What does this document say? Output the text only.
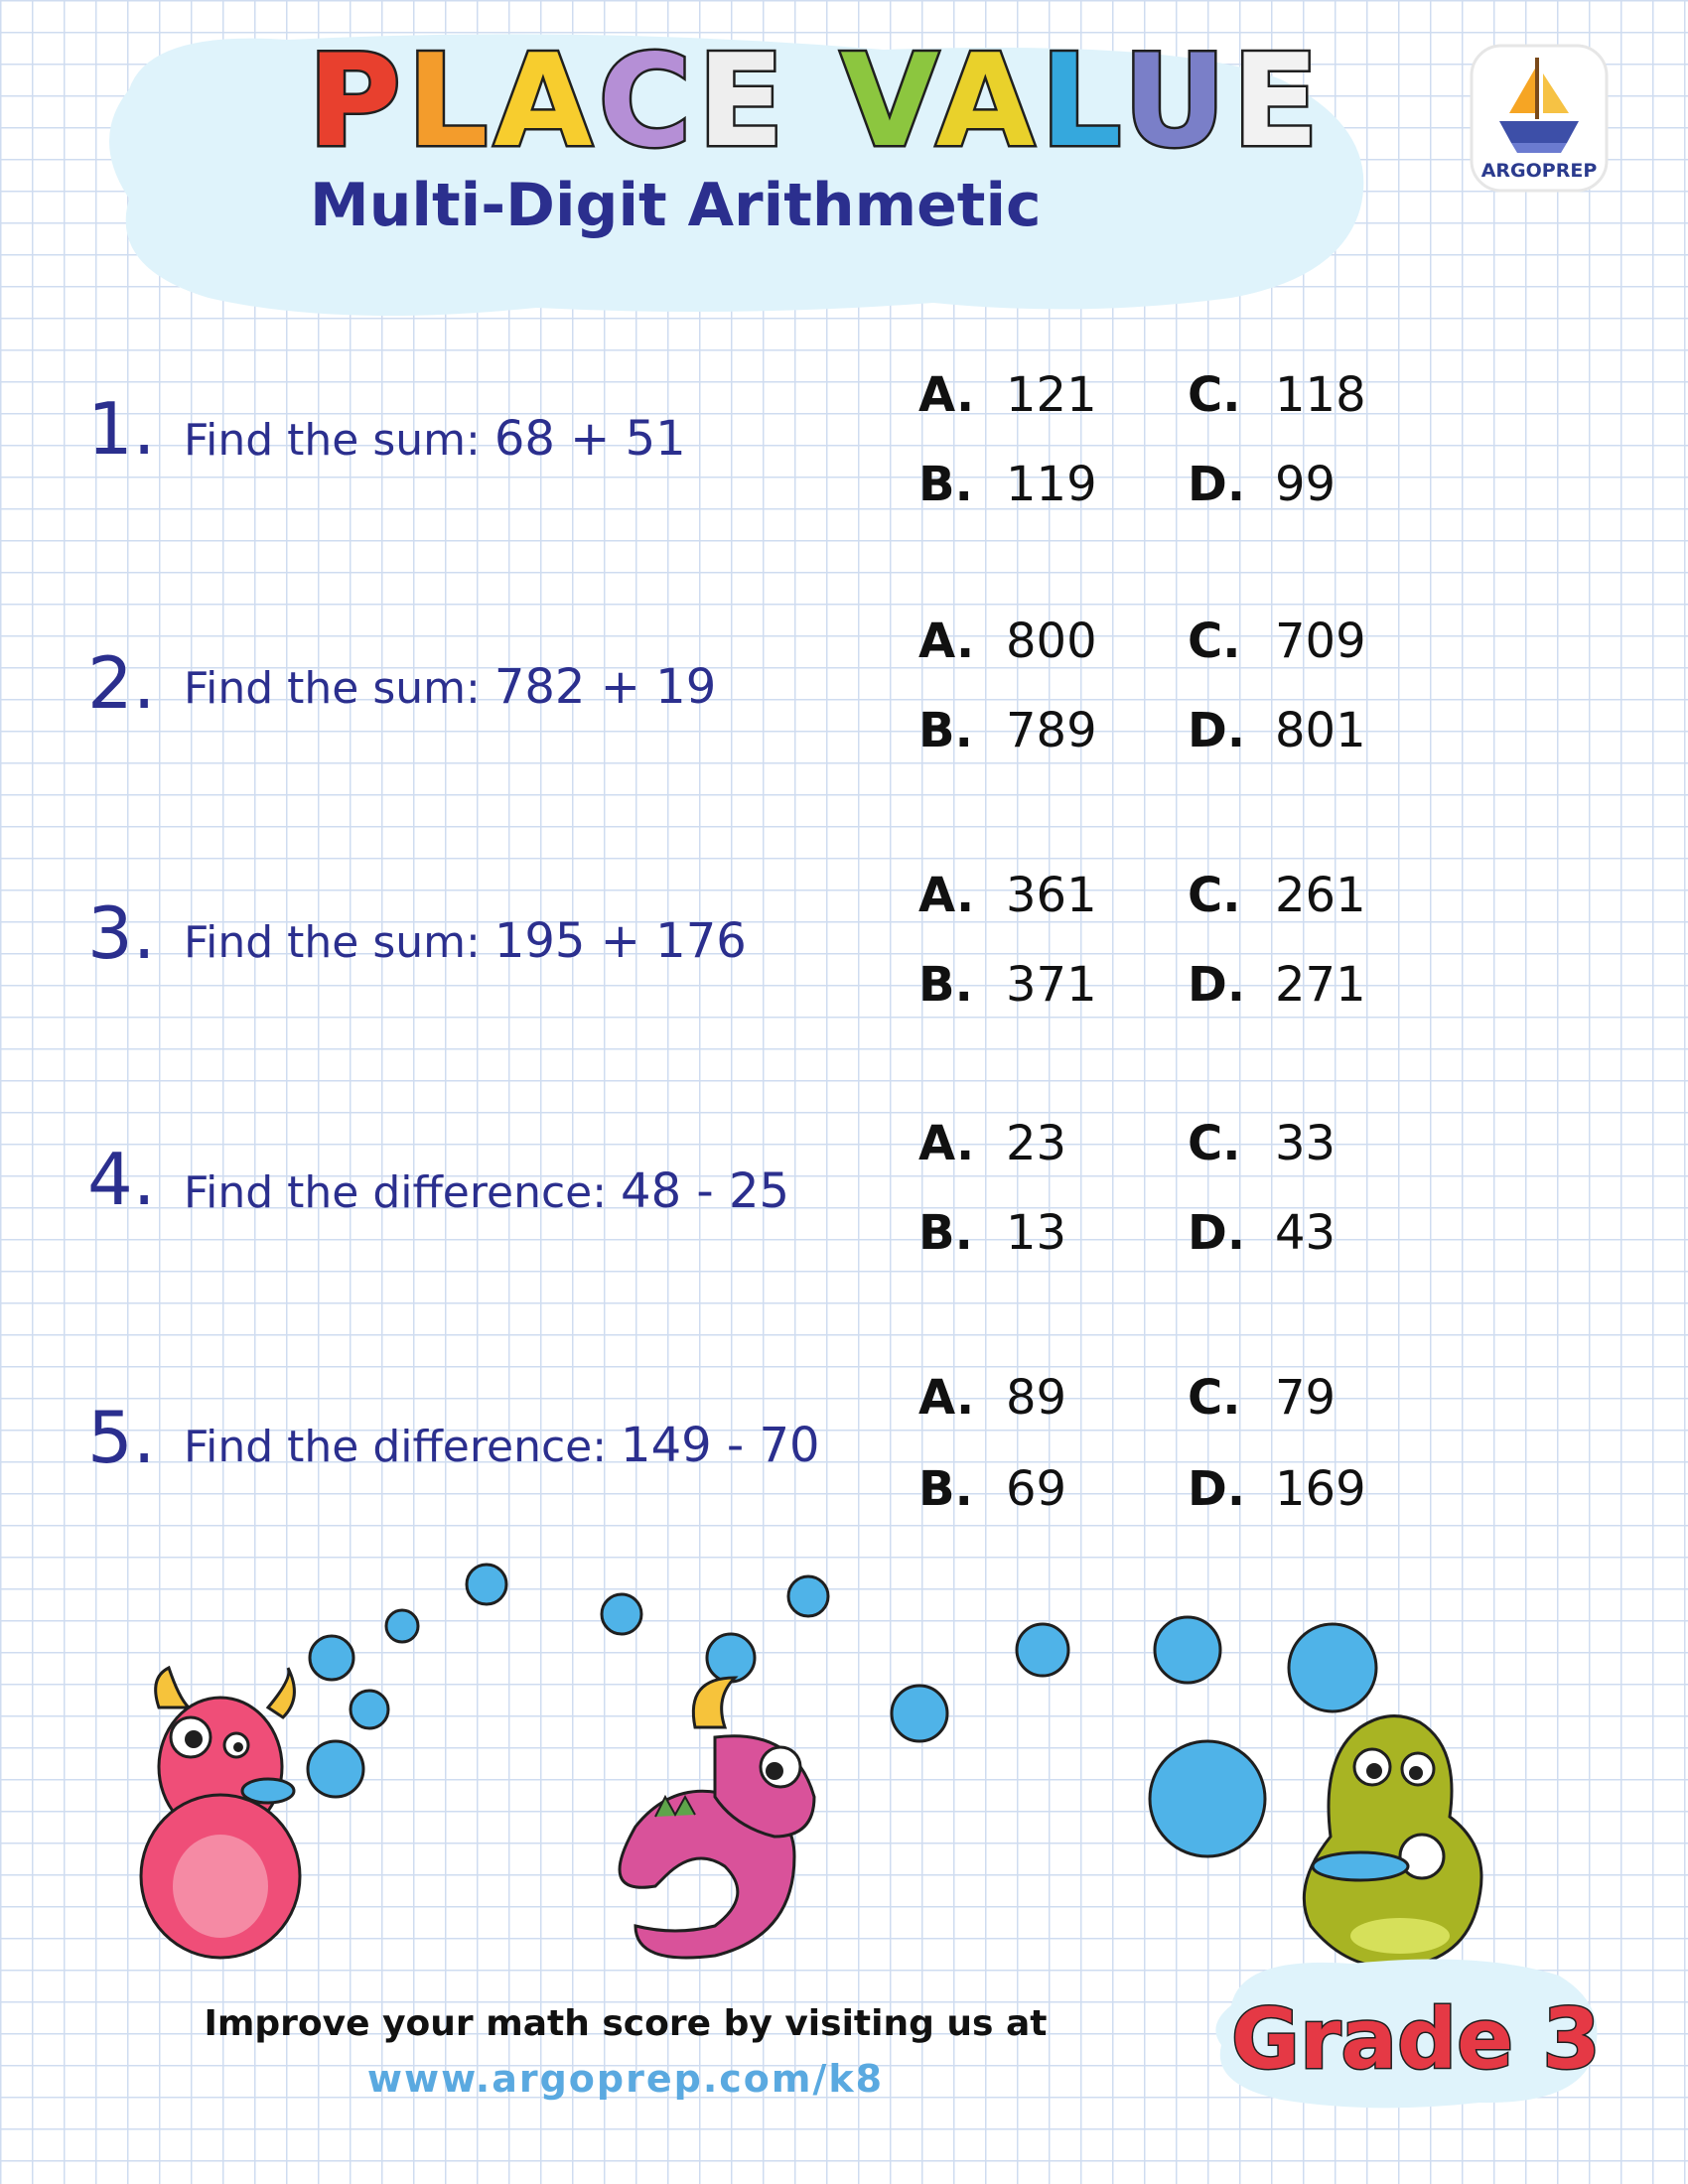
PLACE VALUE
Multi-Digit Arithmetic	ARGOPREP
1. Find the sum: 68 + 51
A. 121
B. 119
C. 118
D. 99
2. Find the sum: 782 + 19
A. 800
B. 789
C. 709
D. 801
3. Find the sum: 195 + 176
A. 361
B. 371
C. 261
D. 271
4. Find the difference: 48 - 25
A. 23
B. 13
C. 33
D. 43
5. Find the difference: 149 - 70
A. 89
B. 69
C. 79
D. 169
Improve your math score by visiting us at
www.argoprep.com/k8	Grade 3
